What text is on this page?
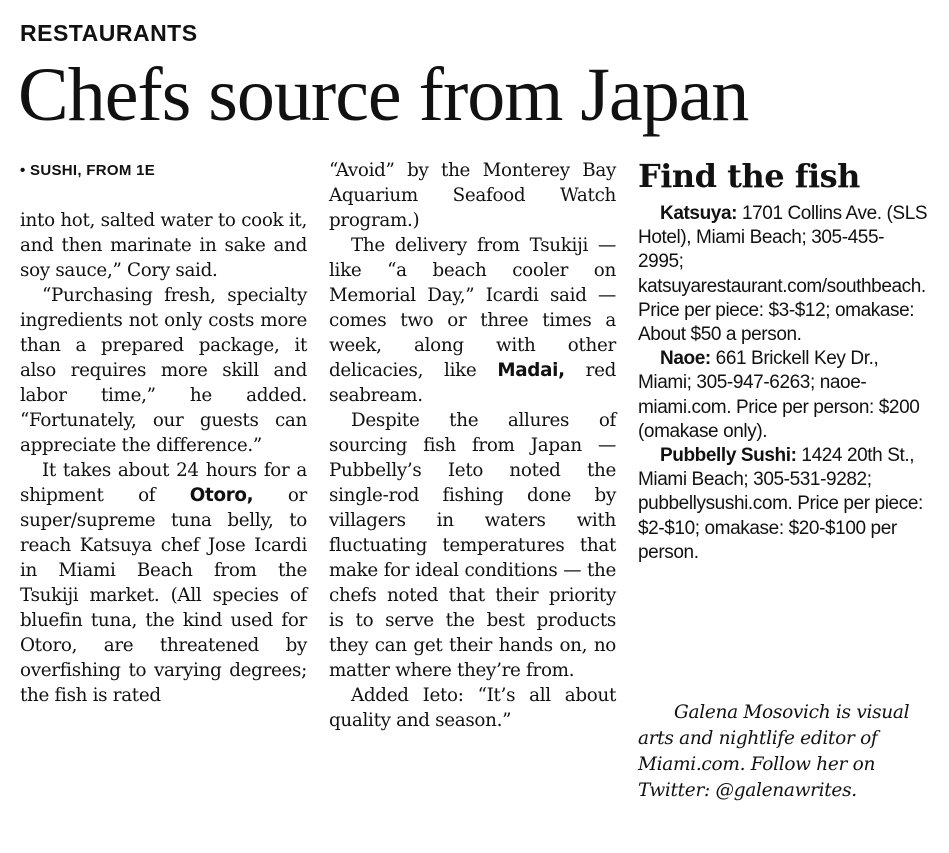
RESTAURANTS
Chefs source from Japan
• SUSHI, FROM 1E

into hot, salted water to cook it, and then marinate in sake and soy sauce,” Cory said.

“Purchasing fresh, specialty ingredients not only costs more than a prepared package, it also requires more skill and labor time,” he added. “Fortunately, our guests can appreciate the difference.”

It takes about 24 hours for a shipment of Otoro, or super/supreme tuna belly, to reach Katsuya chef Jose Icardi in Miami Beach from the Tsukiji market. (All species of bluefin tuna, the kind used for Otoro, are threatened by overfishing to varying degrees; the fish is rated

“Avoid” by the Monterey Bay Aquarium Seafood Watch program.)

The delivery from Tsukiji — like “a beach cooler on Memorial Day,” Icardi said — comes two or three times a week, along with other delicacies, like Madai, red seabream.

Despite the allures of sourcing fish from Japan — Pubbelly’s Ieto noted the single-rod fishing done by villagers in waters with fluctuating temperatures that make for ideal conditions — the chefs noted that their priority is to serve the best products they can get their hands on, no matter where they’re from.

Added Ieto: “It’s all about quality and season.”

Find the fish

Katsuya: 1701 Collins Ave. (SLS Hotel), Miami Beach; 305-455-2995; katsuyarestaurant.com/southbeach. Price per piece: $3-$12; omakase: About $50 a person.

Naoe: 661 Brickell Key Dr., Miami; 305-947-6263; naoe-miami.com. Price per person: $200 (omakase only).

Pubbelly Sushi: 1424 20th St., Miami Beach; 305-531-9282; pubbellysushi.com. Price per piece: $2-$10; omakase: $20-$100 per person.

Galena Mosovich is visual arts and nightlife editor of Miami.com. Follow her on Twitter: @galenawrites.
